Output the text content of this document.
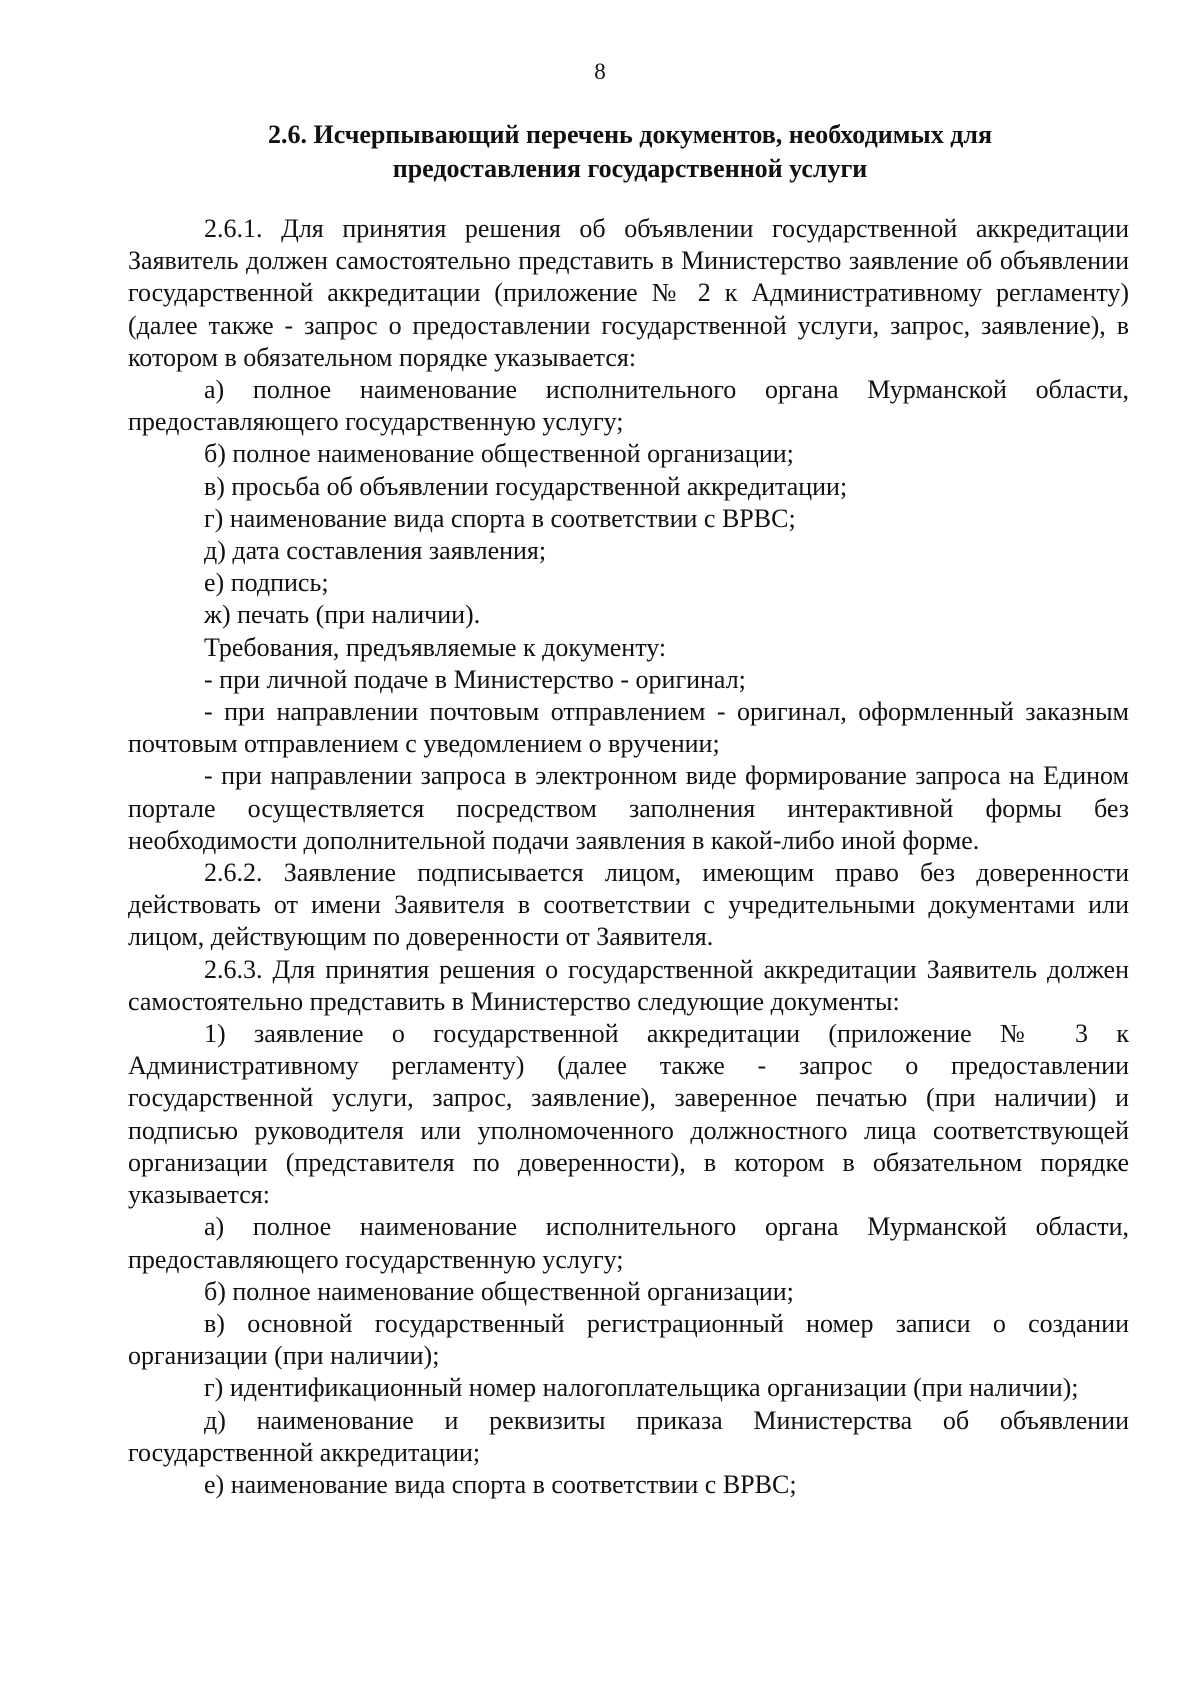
8
2.6. Исчерпывающий перечень документов, необходимых для
предоставления государственной услуги

2.6.1. Для принятия решения об объявлении государственной аккредитации Заявитель должен самостоятельно представить в Министерство заявление об объявлении государственной аккредитации (приложение № 2 к Административному регламенту) (далее также - запрос о предоставлении государственной услуги, запрос, заявление), в котором в обязательном порядке указывается:

а) полное наименование исполнительного органа Мурманской области, предоставляющего государственную услугу;

б) полное наименование общественной организации;

в) просьба об объявлении государственной аккредитации;

г) наименование вида спорта в соответствии с ВРВС;

д) дата составления заявления;

е) подпись;

ж) печать (при наличии).

Требования, предъявляемые к документу:

- при личной подаче в Министерство - оригинал;

- при направлении почтовым отправлением - оригинал, оформленный заказным почтовым отправлением с уведомлением о вручении;

- при направлении запроса в электронном виде формирование запроса на Едином портале осуществляется посредством заполнения интерактивной формы без необходимости дополнительной подачи заявления в какой-либо иной форме.

2.6.2. Заявление подписывается лицом, имеющим право без доверенности действовать от имени Заявителя в соответствии с учредительными документами или лицом, действующим по доверенности от Заявителя.

2.6.3. Для принятия решения о государственной аккредитации Заявитель должен самостоятельно представить в Министерство следующие документы:

1) заявление о государственной аккредитации (приложение № 3 к Административному регламенту) (далее также - запрос о предоставлении государственной услуги, запрос, заявление), заверенное печатью (при наличии) и подписью руководителя или уполномоченного должностного лица соответствующей организации (представителя по доверенности), в котором в обязательном порядке указывается:

а) полное наименование исполнительного органа Мурманской области, предоставляющего государственную услугу;

б) полное наименование общественной организации;

в) основной государственный регистрационный номер записи о создании организации (при наличии);

г) идентификационный номер налогоплательщика организации (при наличии);

д) наименование и реквизиты приказа Министерства об объявлении государственной аккредитации;

е) наименование вида спорта в соответствии с ВРВС;
